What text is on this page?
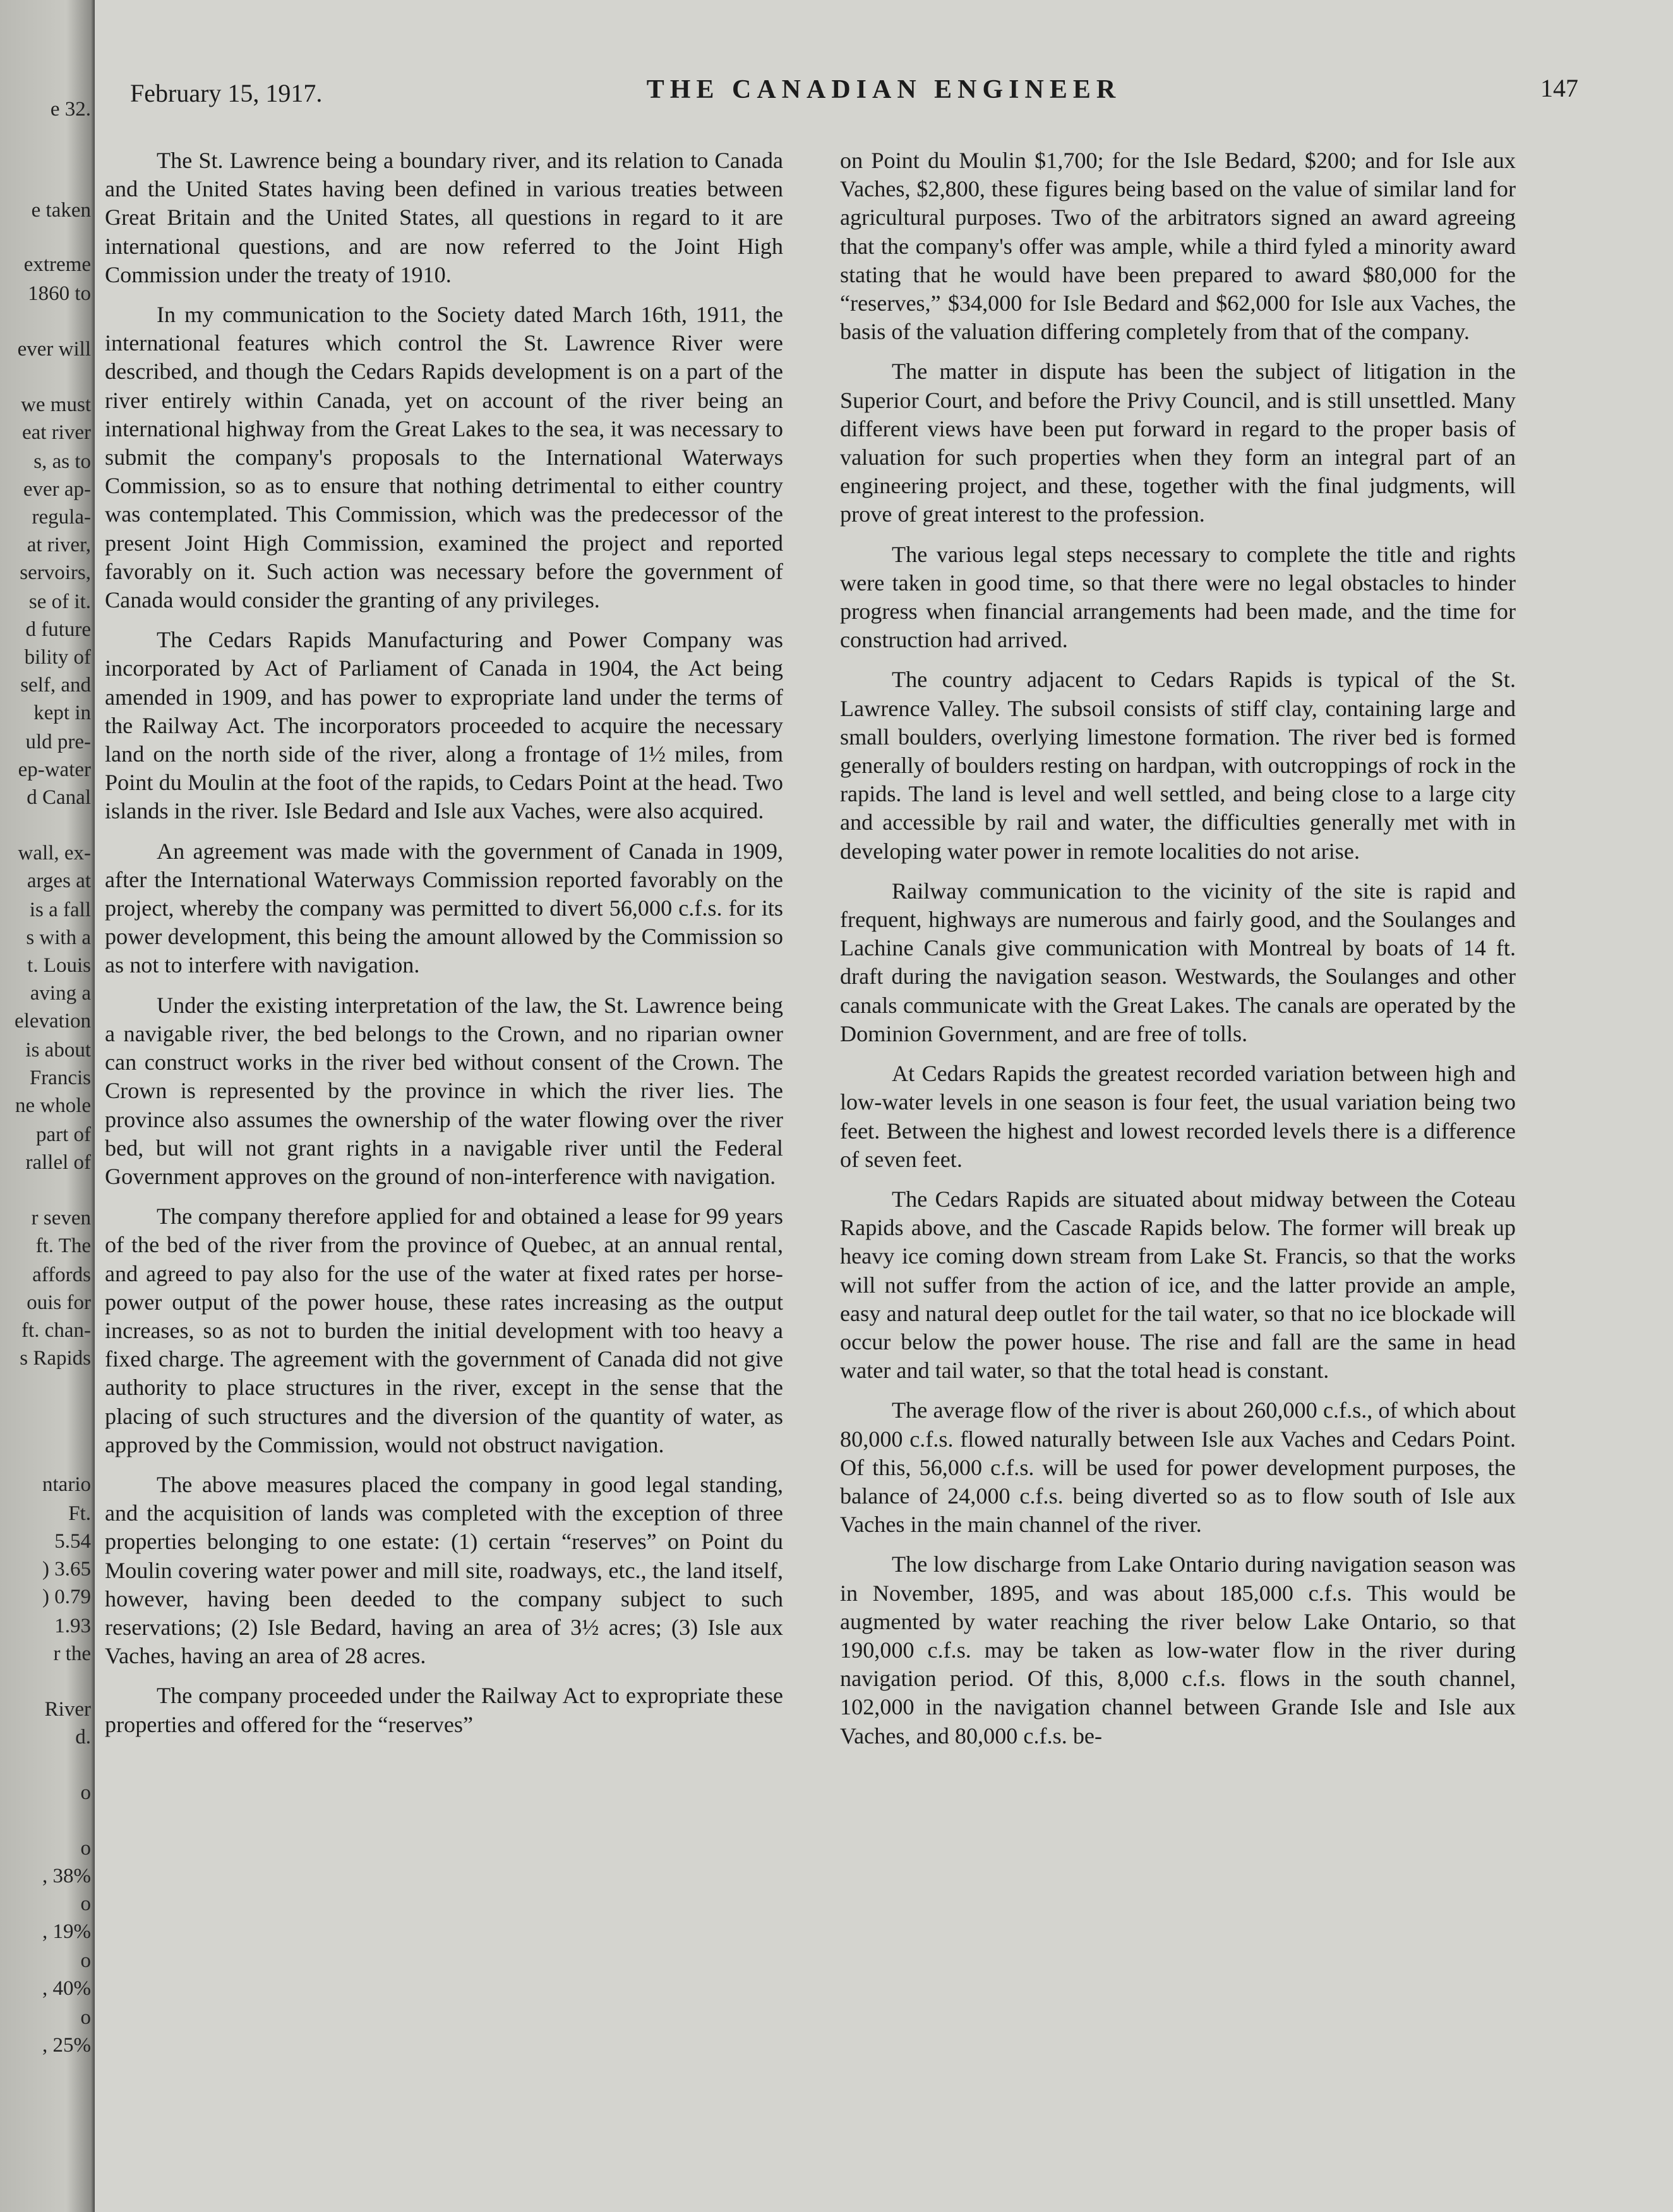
e 32.
e taken
extreme
1860 to
ever will
we must
eat river
s, as to
ever ap-
regula-
at river,
servoirs,
se of it.
d future
bility of
self, and
kept in
uld pre-
ep-water
d Canal
wall, ex-
arges at
is a fall
s with a
t. Louis
aving a
elevation
is about
Francis
ne whole
part of
rallel of
r seven
ft. The
affords
ouis for
ft. chan-
s Rapids
ntario
Ft.
5.54
) 3.65
) 0.79
1.93
r the
River
d.
o
o
, 38%
o
, 19%
o
, 40%
o
, 25%
February 15, 1917.	THE CANADIAN ENGINEER	147

The St. Lawrence being a boundary river, and its relation to Canada and the United States having been defined in various treaties between Great Britain and the United States, all questions in regard to it are international questions, and are now referred to the Joint High Commission under the treaty of 1910.

In my communication to the Society dated March 16th, 1911, the international features which control the St. Lawrence River were described, and though the Cedars Rapids development is on a part of the river entirely within Canada, yet on account of the river being an international highway from the Great Lakes to the sea, it was necessary to submit the company's proposals to the International Waterways Commission, so as to ensure that nothing detrimental to either country was contemplated. This Commission, which was the predecessor of the present Joint High Commission, examined the project and reported favorably on it. Such action was necessary before the government of Canada would consider the granting of any privileges.

The Cedars Rapids Manufacturing and Power Company was incorporated by Act of Parliament of Canada in 1904, the Act being amended in 1909, and has power to expropriate land under the terms of the Railway Act. The incorporators proceeded to acquire the necessary land on the north side of the river, along a frontage of 1½ miles, from Point du Moulin at the foot of the rapids, to Cedars Point at the head. Two islands in the river. Isle Bedard and Isle aux Vaches, were also acquired.

An agreement was made with the government of Canada in 1909, after the International Waterways Commission reported favorably on the project, whereby the company was permitted to divert 56,000 c.f.s. for its power development, this being the amount allowed by the Commission so as not to interfere with navigation.

Under the existing interpretation of the law, the St. Lawrence being a navigable river, the bed belongs to the Crown, and no riparian owner can construct works in the river bed without consent of the Crown. The Crown is represented by the province in which the river lies. The province also assumes the ownership of the water flowing over the river bed, but will not grant rights in a navigable river until the Federal Government approves on the ground of non-interference with navigation.

The company therefore applied for and obtained a lease for 99 years of the bed of the river from the province of Quebec, at an annual rental, and agreed to pay also for the use of the water at fixed rates per horse-power output of the power house, these rates increasing as the output increases, so as not to burden the initial development with too heavy a fixed charge. The agreement with the government of Canada did not give authority to place structures in the river, except in the sense that the placing of such structures and the diversion of the quantity of water, as approved by the Commission, would not obstruct navigation.

The above measures placed the company in good legal standing, and the acquisition of lands was completed with the exception of three properties belonging to one estate: (1) certain “reserves” on Point du Moulin covering water power and mill site, roadways, etc., the land itself, however, having been deeded to the company subject to such reservations; (2) Isle Bedard, having an area of 3½ acres; (3) Isle aux Vaches, having an area of 28 acres.

The company proceeded under the Railway Act to expropriate these properties and offered for the “reserves”

on Point du Moulin $1,700; for the Isle Bedard, $200; and for Isle aux Vaches, $2,800, these figures being based on the value of similar land for agricultural purposes. Two of the arbitrators signed an award agreeing that the company's offer was ample, while a third fyled a minority award stating that he would have been prepared to award $80,000 for the “reserves,” $34,000 for Isle Bedard and $62,000 for Isle aux Vaches, the basis of the valuation differing completely from that of the company.

The matter in dispute has been the subject of litigation in the Superior Court, and before the Privy Council, and is still unsettled. Many different views have been put forward in regard to the proper basis of valuation for such properties when they form an integral part of an engineering project, and these, together with the final judgments, will prove of great interest to the profession.

The various legal steps necessary to complete the title and rights were taken in good time, so that there were no legal obstacles to hinder progress when financial arrangements had been made, and the time for construction had arrived.

The country adjacent to Cedars Rapids is typical of the St. Lawrence Valley. The subsoil consists of stiff clay, containing large and small boulders, overlying limestone formation. The river bed is formed generally of boulders resting on hardpan, with outcroppings of rock in the rapids. The land is level and well settled, and being close to a large city and accessible by rail and water, the difficulties generally met with in developing water power in remote localities do not arise.

Railway communication to the vicinity of the site is rapid and frequent, highways are numerous and fairly good, and the Soulanges and Lachine Canals give communication with Montreal by boats of 14 ft. draft during the navigation season. Westwards, the Soulanges and other canals communicate with the Great Lakes. The canals are operated by the Dominion Government, and are free of tolls.

At Cedars Rapids the greatest recorded variation between high and low-water levels in one season is four feet, the usual variation being two feet. Between the highest and lowest recorded levels there is a difference of seven feet.

The Cedars Rapids are situated about midway between the Coteau Rapids above, and the Cascade Rapids below. The former will break up heavy ice coming down stream from Lake St. Francis, so that the works will not suffer from the action of ice, and the latter provide an ample, easy and natural deep outlet for the tail water, so that no ice blockade will occur below the power house. The rise and fall are the same in head water and tail water, so that the total head is constant.

The average flow of the river is about 260,000 c.f.s., of which about 80,000 c.f.s. flowed naturally between Isle aux Vaches and Cedars Point. Of this, 56,000 c.f.s. will be used for power development purposes, the balance of 24,000 c.f.s. being diverted so as to flow south of Isle aux Vaches in the main channel of the river.

The low discharge from Lake Ontario during navigation season was in November, 1895, and was about 185,000 c.f.s. This would be augmented by water reaching the river below Lake Ontario, so that 190,000 c.f.s. may be taken as low-water flow in the river during navigation period. Of this, 8,000 c.f.s. flows in the south channel, 102,000 in the navigation channel between Grande Isle and Isle aux Vaches, and 80,000 c.f.s. be-
